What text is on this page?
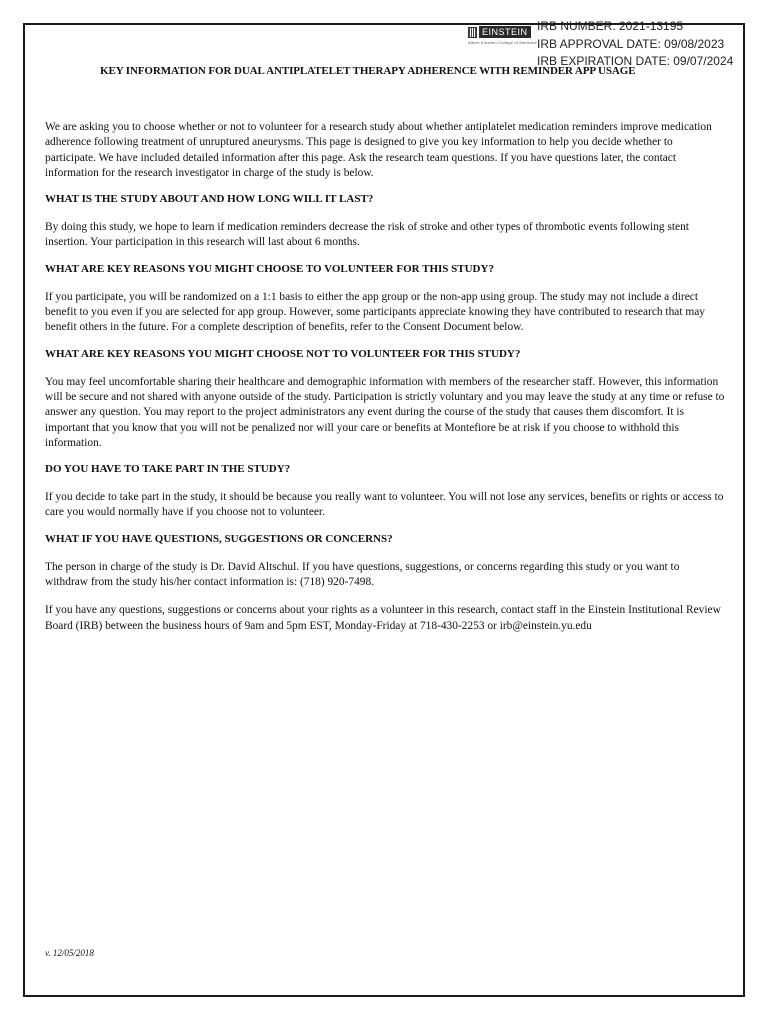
EINSTEIN
Albert Einstein College of Medicine
IRB NUMBER: 2021-13195
IRB APPROVAL DATE: 09/08/2023
IRB EXPIRATION DATE: 09/07/2024
KEY INFORMATION FOR DUAL ANTIPLATELET THERAPY ADHERENCE WITH REMINDER APP USAGE

We are asking you to choose whether or not to volunteer for a research study about whether antiplatelet medication reminders improve medication adherence following treatment of unruptured aneurysms. This page is designed to give you key information to help you decide whether to participate. We have included detailed information after this page. Ask the research team questions. If you have questions later, the contact information for the research investigator in charge of the study is below.

WHAT IS THE STUDY ABOUT AND HOW LONG WILL IT LAST?

By doing this study, we hope to learn if medication reminders decrease the risk of stroke and other types of thrombotic events following stent insertion. Your participation in this research will last about 6 months.

WHAT ARE KEY REASONS YOU MIGHT CHOOSE TO VOLUNTEER FOR THIS STUDY?

If you participate, you will be randomized on a 1:1 basis to either the app group or the non-app using group. The study may not include a direct benefit to you even if you are selected for app group. However, some participants appreciate knowing they have contributed to research that may benefit others in the future. For a complete description of benefits, refer to the Consent Document below.

WHAT ARE KEY REASONS YOU MIGHT CHOOSE NOT TO VOLUNTEER FOR THIS STUDY?

You may feel uncomfortable sharing their healthcare and demographic information with members of the researcher staff. However, this information will be secure and not shared with anyone outside of the study. Participation is strictly voluntary and you may leave the study at any time or refuse to answer any question. You may report to the project administrators any event during the course of the study that causes them discomfort. It is important that you know that you will not be penalized nor will your care or benefits at Montefiore be at risk if you choose to withhold this information.

DO YOU HAVE TO TAKE PART IN THE STUDY?

If you decide to take part in the study, it should be because you really want to volunteer. You will not lose any services, benefits or rights or access to care you would normally have if you choose not to volunteer.

WHAT IF YOU HAVE QUESTIONS, SUGGESTIONS OR CONCERNS?

The person in charge of the study is Dr. David Altschul. If you have questions, suggestions, or concerns regarding this study or you want to withdraw from the study his/her contact information is: (718) 920-7498.

If you have any questions, suggestions or concerns about your rights as a volunteer in this research, contact staff in the Einstein Institutional Review Board (IRB) between the business hours of 9am and 5pm EST, Monday-Friday at 718-430-2253 or irb@einstein.yu.edu

v. 12/05/2018
